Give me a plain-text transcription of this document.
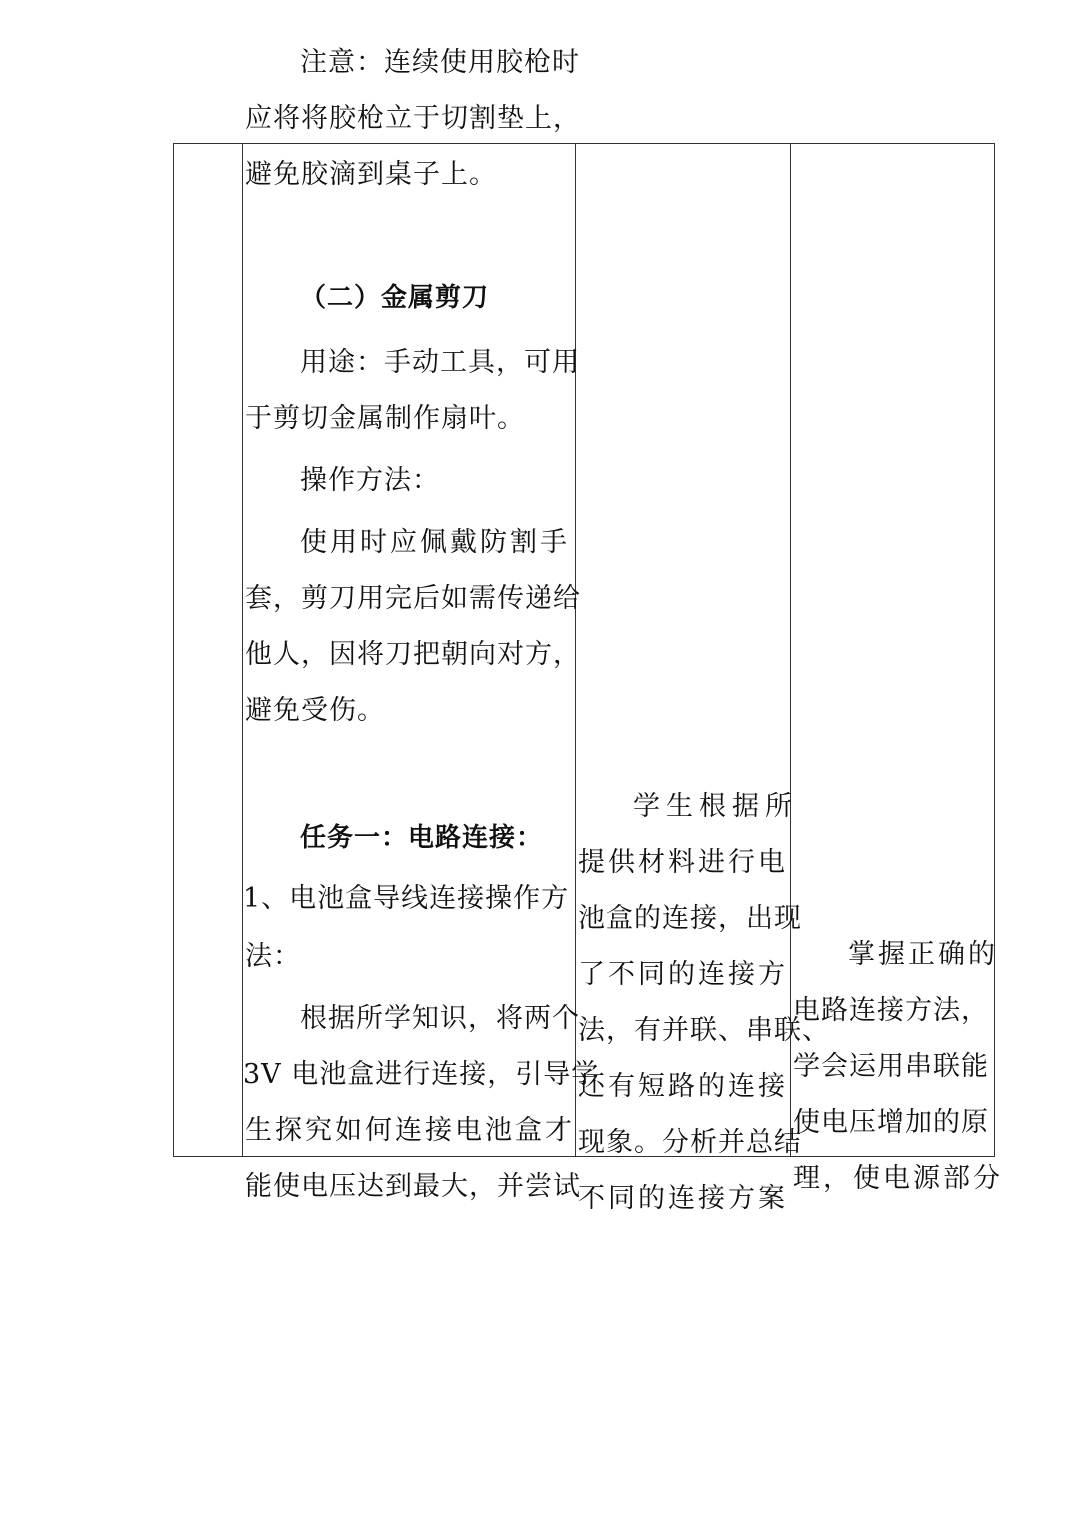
注意：连续使用胶枪时
应将将胶枪立于切割垫上，
避免胶滴到桌子上。
（二）金属剪刀
用途：手动工具，可用
于剪切金属制作扇叶。
操作方法：
使用时应佩戴防割手
套，剪刀用完后如需传递给
他人，因将刀把朝向对方，
避免受伤。
任务一：电路连接：
1、电池盒导线连接操作方
法：
根据所学知识，将两个
3V 电池盒进行连接，引导学
生探究如何连接电池盒才
能使电压达到最大，并尝试
学生根据所
提供材料进行电
池盒的连接，出现
了不同的连接方
法，有并联、串联、
还有短路的连接
现象。分析并总结
不同的连接方案
掌握正确的
电路连接方法，
学会运用串联能
使电压增加的原
理，使电源部分
